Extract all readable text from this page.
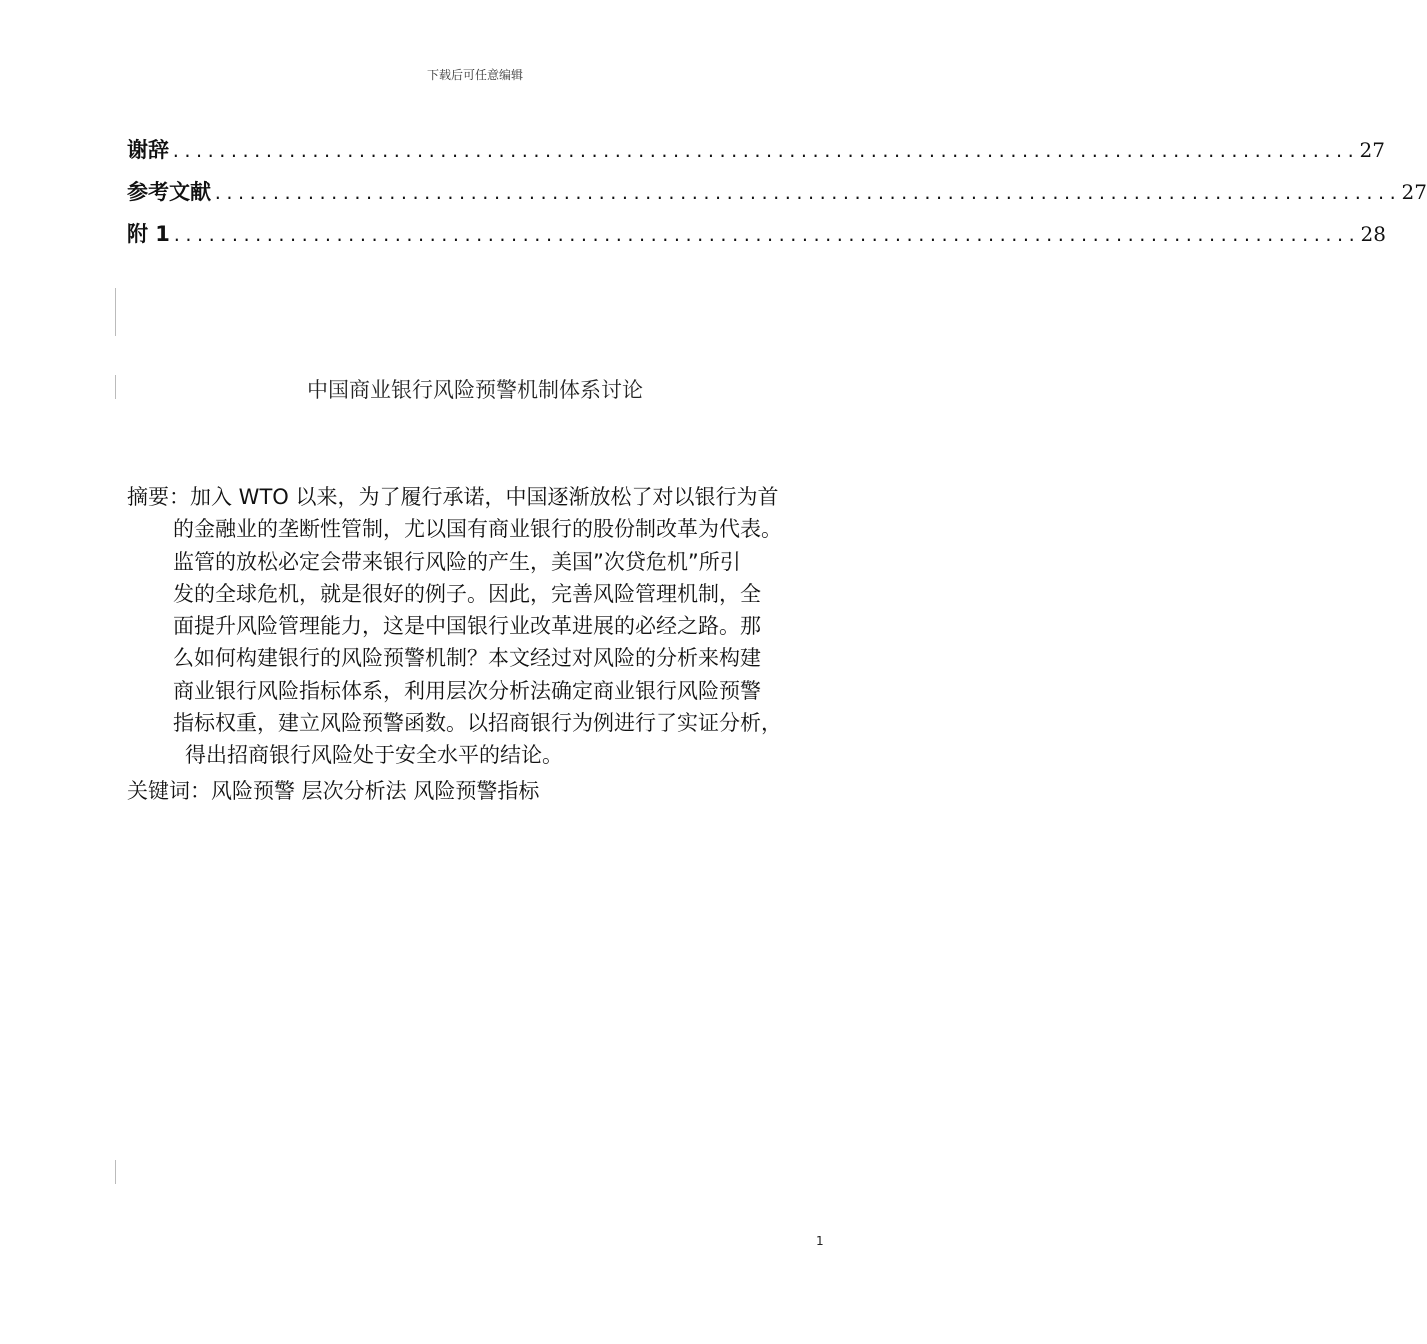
下载后可任意编辑
谢辞 ...................................................................................................... 27
参考文献 ...................................................................................................... 27
附 1 ...................................................................................................... 28
中国商业银行风险预警机制体系讨论
摘要：加入 WTO 以来，为了履行承诺，中国逐渐放松了对以银行为首
的金融业的垄断性管制，尤以国有商业银行的股份制改革为代表。
监管的放松必定会带来银行风险的产生，美国”次贷危机”所引
发的全球危机，就是很好的例子。因此，完善风险管理机制，全
面提升风险管理能力，这是中国银行业改革进展的必经之路。那
么如何构建银行的风险预警机制？本文经过对风险的分析来构建
商业银行风险指标体系，利用层次分析法确定商业银行风险预警
指标权重，建立风险预警函数。以招商银行为例进行了实证分析，
得出招商银行风险处于安全水平的结论。
关键词：风险预警 层次分析法 风险预警指标
1
